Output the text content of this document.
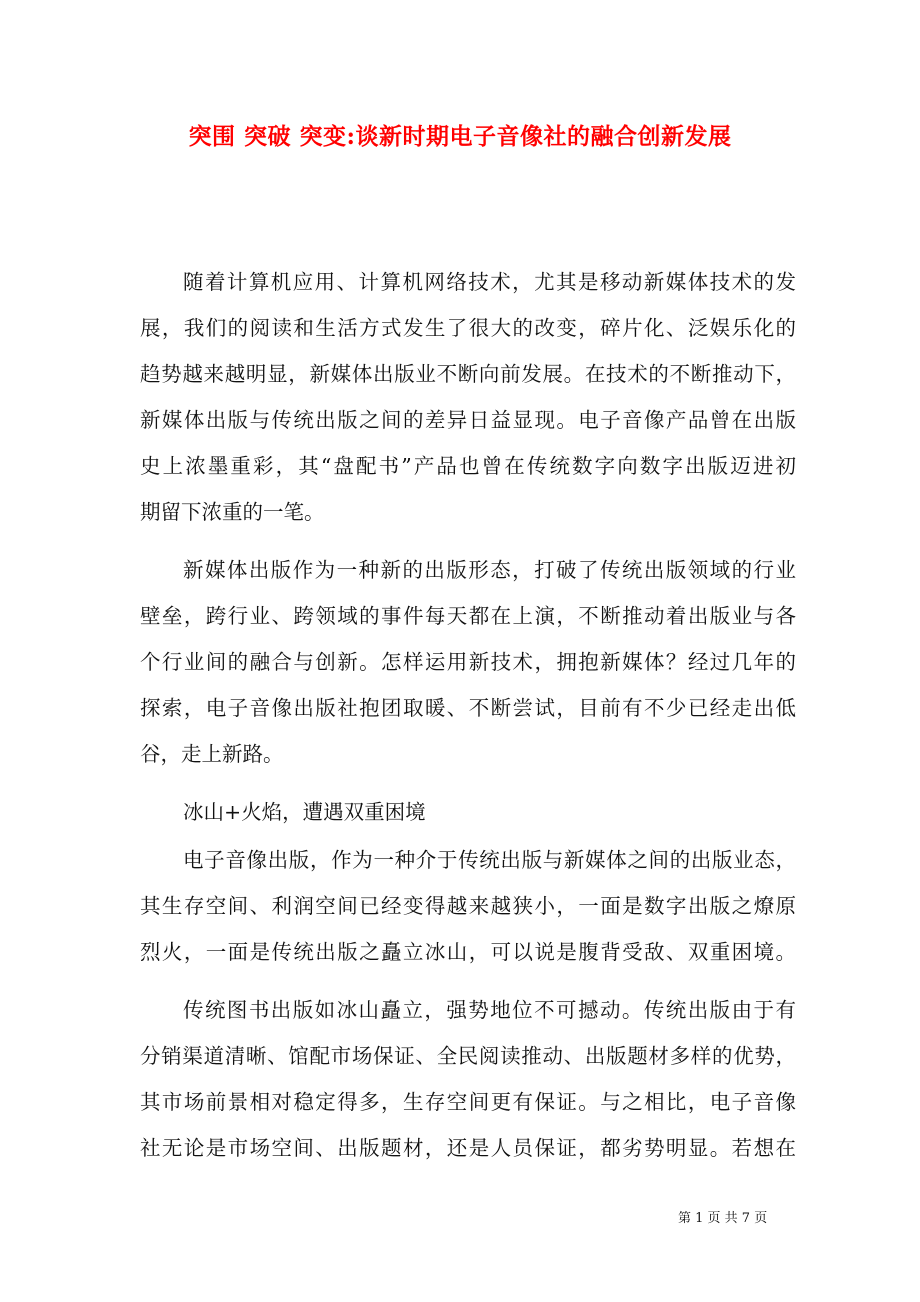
突围 突破 突变:谈新时期电子音像社的融合创新发展
随着计算机应用、计算机网络技术，尤其是移动新媒体技术的发
展，我们的阅读和生活方式发生了很大的改变，碎片化、泛娱乐化的
趋势越来越明显，新媒体出版业不断向前发展。在技术的不断推动下，
新媒体出版与传统出版之间的差异日益显现。电子音像产品曾在出版
史上浓墨重彩，其“盘配书”产品也曾在传统数字向数字出版迈进初
期留下浓重的一笔。
新媒体出版作为一种新的出版形态，打破了传统出版领域的行业
壁垒，跨行业、跨领域的事件每天都在上演，不断推动着出版业与各
个行业间的融合与创新。怎样运用新技术，拥抱新媒体？经过几年的
探索，电子音像出版社抱团取暖、不断尝试，目前有不少已经走出低
谷，走上新路。
冰山+火焰，遭遇双重困境
电子音像出版，作为一种介于传统出版与新媒体之间的出版业态，
其生存空间、利润空间已经变得越来越狭小，一面是数字出版之燎原
烈火，一面是传统出版之矗立冰山，可以说是腹背受敌、双重困境。
传统图书出版如冰山矗立，强势地位不可撼动。传统出版由于有
分销渠道清晰、馆配市场保证、全民阅读推动、出版题材多样的优势，
其市场前景相对稳定得多，生存空间更有保证。与之相比，电子音像
社无论是市场空间、出版题材，还是人员保证，都劣势明显。若想在
第 1 页 共 7 页
